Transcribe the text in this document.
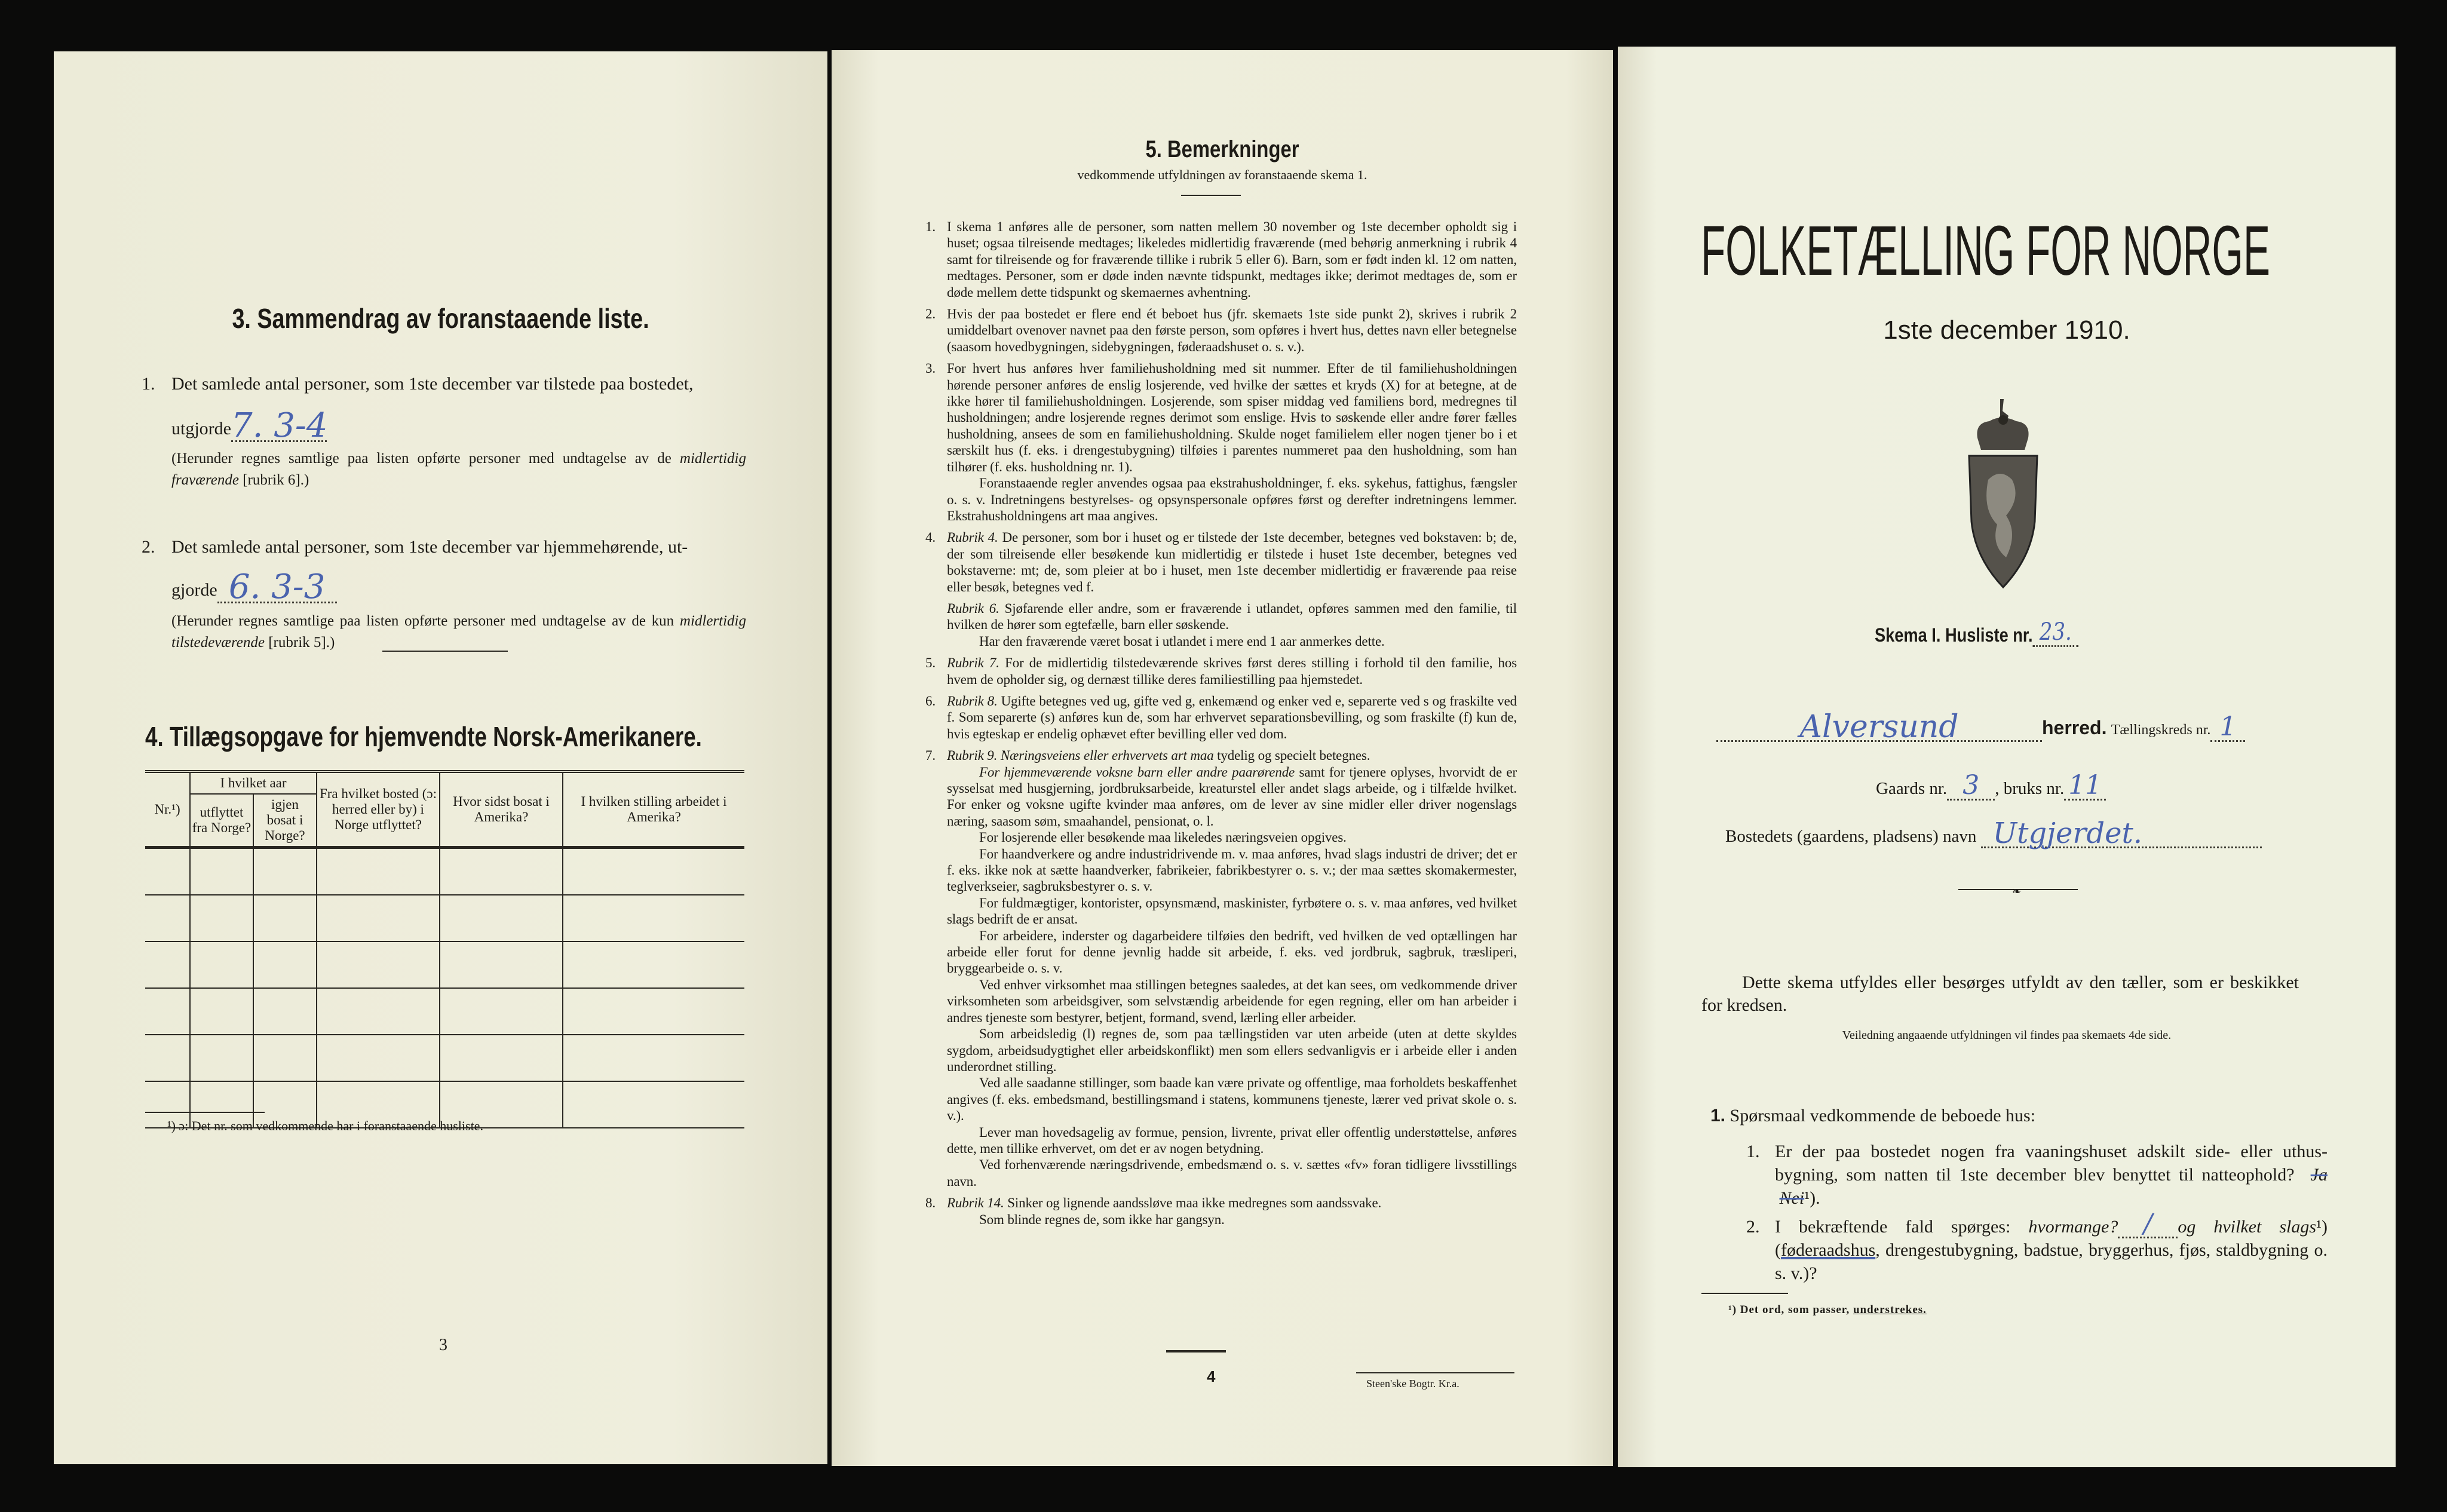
3. Sammendrag av foranstaaende liste.
1. Det samlede antal personer, som 1ste december var tilstede paa bostedet,
utgjorde 7. 3-4
(Herunder regnes samtlige paa listen opførte personer med undtagelse av de midlertidig fraværende [rubrik 6].)
2. Det samlede antal personer, som 1ste december var hjemmehørende, ut-
gjorde 6. 3-3
(Herunder regnes samtlige paa listen opførte personer med undtagelse av de kun midlertidig tilstedeværende [rubrik 5].)
4. Tillægsopgave for hjemvendte Norsk-Amerikanere.
Nr.¹)	I hvilket aar		Fra hvilket bosted (ɔ: herred eller by) i Norge utflyttet?	Hvor sidst bosat i Amerika?	I hvilken stilling arbeidet i Amerika?
	utflyttet fra Norge?	igjen bosat i Norge?			

¹) ɔ: Det nr. som vedkommende har i foranstaaende husliste.
3
5. Bemerkninger
vedkommende utfyldningen av foranstaaende skema 1.
1. I skema 1 anføres alle de personer, som natten mellem 30 november og 1ste december opholdt sig i huset; ogsaa tilreisende medtages; likeledes midlertidig fraværende (med behørig anmerkning i rubrik 4 samt for tilreisende og for fraværende tillike i rubrik 5 eller 6). Barn, som er født inden kl. 12 om natten, medtages. Personer, som er døde inden nævnte tidspunkt, medtages ikke; derimot medtages de, som er døde mellem dette tidspunkt og skemaernes avhentning.

2. Hvis der paa bostedet er flere end ét beboet hus (jfr. skemaets 1ste side punkt 2), skrives i rubrik 2 umiddelbart ovenover navnet paa den første person, som opføres i hvert hus, dettes navn eller betegnelse (saasom hovedbygningen, sidebygningen, føderaadshuset o. s. v.).

3. For hvert hus anføres hver familiehusholdning med sit nummer. Efter de til familiehusholdningen hørende personer anføres de enslig losjerende, ved hvilke der sættes et kryds (X) for at betegne, at de ikke hører til familiehusholdningen. Losjerende, som spiser middag ved familiens bord, medregnes til husholdningen; andre losjerende regnes derimot som enslige. Hvis to søskende eller andre fører fælles husholdning, ansees de som en familiehusholdning. Skulde noget familielem eller nogen tjener bo i et særskilt hus (f. eks. i drengestubygning) tilføies i parentes nummeret paa den husholdning, som han tilhører (f. eks. husholdning nr. 1).

Foranstaaende regler anvendes ogsaa paa ekstrahusholdninger, f. eks. sykehus, fattighus, fængsler o. s. v. Indretningens bestyrelses- og opsynspersonale opføres først og derefter indretningens lemmer. Ekstrahusholdningens art maa angives.

4. Rubrik 4. De personer, som bor i huset og er tilstede der 1ste december, betegnes ved bokstaven: b; de, der som tilreisende eller besøkende kun midlertidig er tilstede i huset 1ste december, betegnes ved bokstaverne: mt; de, som pleier at bo i huset, men 1ste december midlertidig er fraværende paa reise eller besøk, betegnes ved f.

Rubrik 6. Sjøfarende eller andre, som er fraværende i utlandet, opføres sammen med den familie, til hvilken de hører som egtefælle, barn eller søskende.

Har den fraværende været bosat i utlandet i mere end 1 aar anmerkes dette.

5. Rubrik 7. For de midlertidig tilstedeværende skrives først deres stilling i forhold til den familie, hos hvem de opholder sig, og dernæst tillike deres familiestilling paa hjemstedet.

6. Rubrik 8. Ugifte betegnes ved ug, gifte ved g, enkemænd og enker ved e, separerte ved s og fraskilte ved f. Som separerte (s) anføres kun de, som har erhvervet separationsbevilling, og som fraskilte (f) kun de, hvis egteskap er endelig ophævet efter bevilling eller ved dom.

7. Rubrik 9. Næringsveiens eller erhvervets art maa tydelig og specielt betegnes.

For hjemmeværende voksne barn eller andre paarørende samt for tjenere oplyses, hvorvidt de er sysselsat med husgjerning, jordbruksarbeide, kreaturstel eller andet slags arbeide, og i tilfælde hvilket. For enker og voksne ugifte kvinder maa anføres, om de lever av sine midler eller driver nogenslags næring, saasom søm, smaahandel, pensionat, o. l.

For losjerende eller besøkende maa likeledes næringsveien opgives.

For haandverkere og andre industridrivende m. v. maa anføres, hvad slags industri de driver; det er f. eks. ikke nok at sætte haandverker, fabrikeier, fabrikbestyrer o. s. v.; der maa sættes skomakermester, teglverkseier, sagbruksbestyrer o. s. v.

For fuldmægtiger, kontorister, opsynsmænd, maskinister, fyrbøtere o. s. v. maa anføres, ved hvilket slags bedrift de er ansat.

For arbeidere, inderster og dagarbeidere tilføies den bedrift, ved hvilken de ved optællingen har arbeide eller forut for denne jevnlig hadde sit arbeide, f. eks. ved jordbruk, sagbruk, træsliperi, bryggearbeide o. s. v.

Ved enhver virksomhet maa stillingen betegnes saaledes, at det kan sees, om vedkommende driver virksomheten som arbeidsgiver, som selvstændig arbeidende for egen regning, eller om han arbeider i andres tjeneste som bestyrer, betjent, formand, svend, lærling eller arbeider.

Som arbeidsledig (l) regnes de, som paa tællingstiden var uten arbeide (uten at dette skyldes sygdom, arbeidsudygtighet eller arbeidskonflikt) men som ellers sedvanligvis er i arbeide eller i anden underordnet stilling.

Ved alle saadanne stillinger, som baade kan være private og offentlige, maa forholdets beskaffenhet angives (f. eks. embedsmand, bestillingsmand i statens, kommunens tjeneste, lærer ved privat skole o. s. v.).

Lever man hovedsagelig av formue, pension, livrente, privat eller offentlig understøttelse, anføres dette, men tillike erhvervet, om det er av nogen betydning.

Ved forhenværende næringsdrivende, embedsmænd o. s. v. sættes «fv» foran tidligere livsstillings navn.

8. Rubrik 14. Sinker og lignende aandssløve maa ikke medregnes som aandssvake.

Som blinde regnes de, som ikke har gangsyn.

4	Steen'ske Bogtr. Kr.a.
FOLKETÆLLING FOR NORGE
1ste december 1910.
Skema I. Husliste nr. 23.
Alversund	herred. Tællingskreds nr. 1
Gaards nr. 3 , bruks nr. 11
Bostedets (gaardens, pladsens) navn Utgjerdet.
❧
Dette skema utfyldes eller besørges utfyldt av den tæller, som er beskikket for kredsen.
Veiledning angaaende utfyldningen vil findes paa skemaets 4de side.
1. Spørsmaal vedkommende de beboede hus:
1. Er der paa bostedet nogen fra vaaningshuset adskilt side- eller uthus-bygning, som natten til 1ste december blev benyttet til natteophold? Ja  Nei¹).
2. I bekræftende fald spørges: hvormange? /	og hvilket slags¹) (føderaadshus, drengestubygning, badstue, bryggerhus, fjøs, staldbygning o. s. v.)?
¹) Det ord, som passer, understrekes.
